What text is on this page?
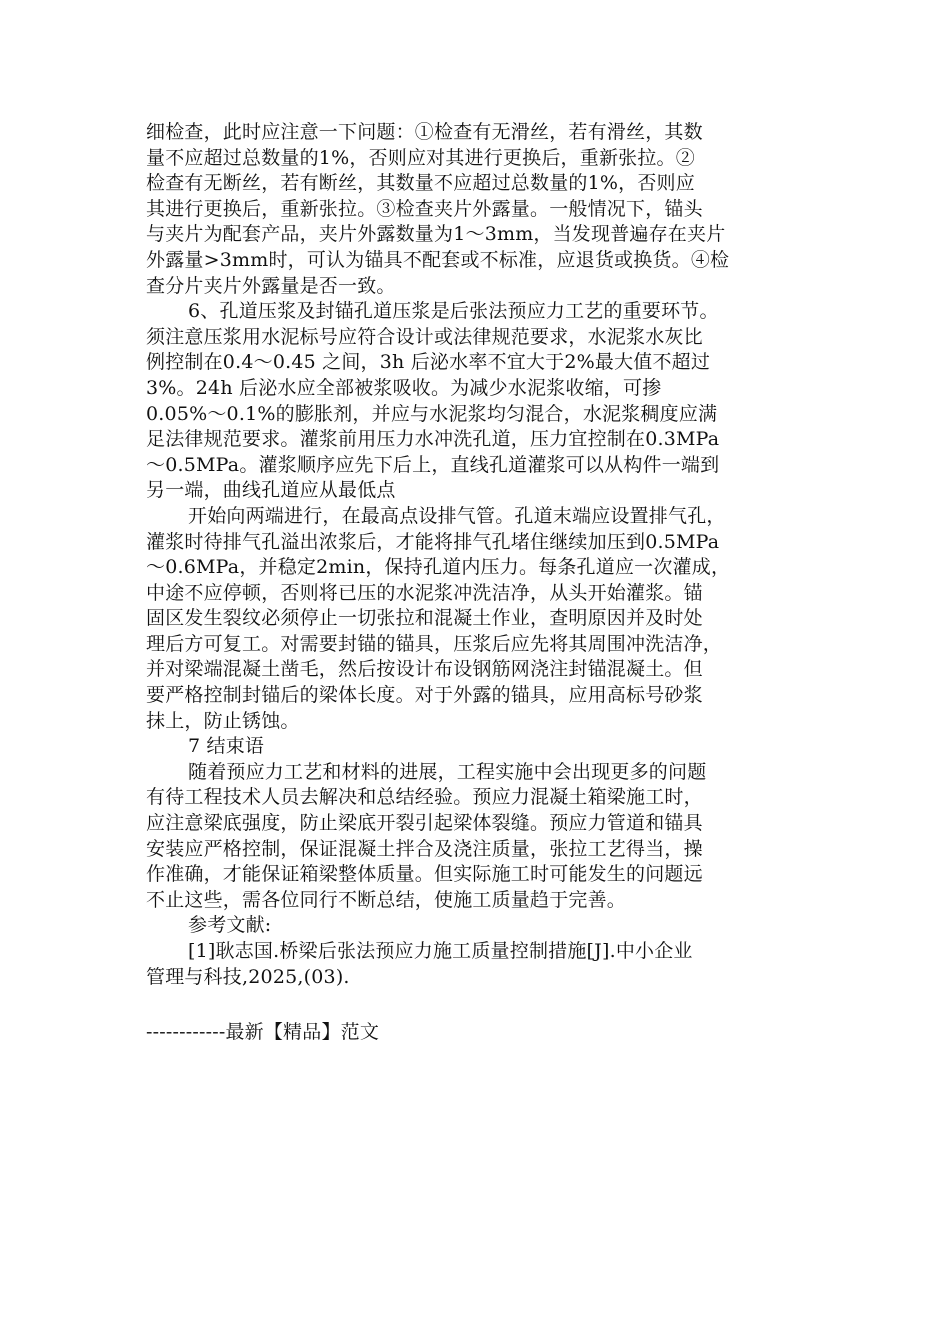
细检查，此时应注意一下问题：①检查有无滑丝，若有滑丝，其数
量不应超过总数量的1%，否则应对其进行更换后，重新张拉。②
检查有无断丝，若有断丝，其数量不应超过总数量的1%，否则应
其进行更换后，重新张拉。③检查夹片外露量。一般情况下，锚头
与夹片为配套产品，夹片外露数量为1～3mm，当发现普遍存在夹片
外露量>3mm时，可认为锚具不配套或不标准，应退货或换货。④检
查分片夹片外露量是否一致。
6、孔道压浆及封锚孔道压浆是后张法预应力工艺的重要环节。
须注意压浆用水泥标号应符合设计或法律规范要求，水泥浆水灰比
例控制在0.4～0.45 之间，3h 后泌水率不宜大于2%最大值不超过
3%。24h 后泌水应全部被浆吸收。为减少水泥浆收缩，可掺
0.05%～0.1%的膨胀剂，并应与水泥浆均匀混合，水泥浆稠度应满
足法律规范要求。灌浆前用压力水冲洗孔道，压力宜控制在0.3MPa
～0.5MPa。灌浆顺序应先下后上，直线孔道灌浆可以从构件一端到
另一端，曲线孔道应从最低点
开始向两端进行，在最高点设排气管。孔道末端应设置排气孔，
灌浆时待排气孔溢出浓浆后，才能将排气孔堵住继续加压到0.5MPa
～0.6MPa，并稳定2min，保持孔道内压力。每条孔道应一次灌成，
中途不应停顿，否则将已压的水泥浆冲洗洁净，从头开始灌浆。锚
固区发生裂纹必须停止一切张拉和混凝土作业，查明原因并及时处
理后方可复工。对需要封锚的锚具，压浆后应先将其周围冲洗洁净，
并对梁端混凝土凿毛，然后按设计布设钢筋网浇注封锚混凝土。但
要严格控制封锚后的梁体长度。对于外露的锚具，应用高标号砂浆
抹上，防止锈蚀。
7 结束语
随着预应力工艺和材料的进展，工程实施中会出现更多的问题
有待工程技术人员去解决和总结经验。预应力混凝土箱梁施工时，
应注意梁底强度，防止梁底开裂引起梁体裂缝。预应力管道和锚具
安装应严格控制，保证混凝土拌合及浇注质量，张拉工艺得当，操
作准确，才能保证箱梁整体质量。但实际施工时可能发生的问题远
不止这些，需各位同行不断总结，使施工质量趋于完善。
参考文献:
[1]耿志国.桥梁后张法预应力施工质量控制措施[J].中小企业
管理与科技,2025,(03).
------------最新【精品】范文
